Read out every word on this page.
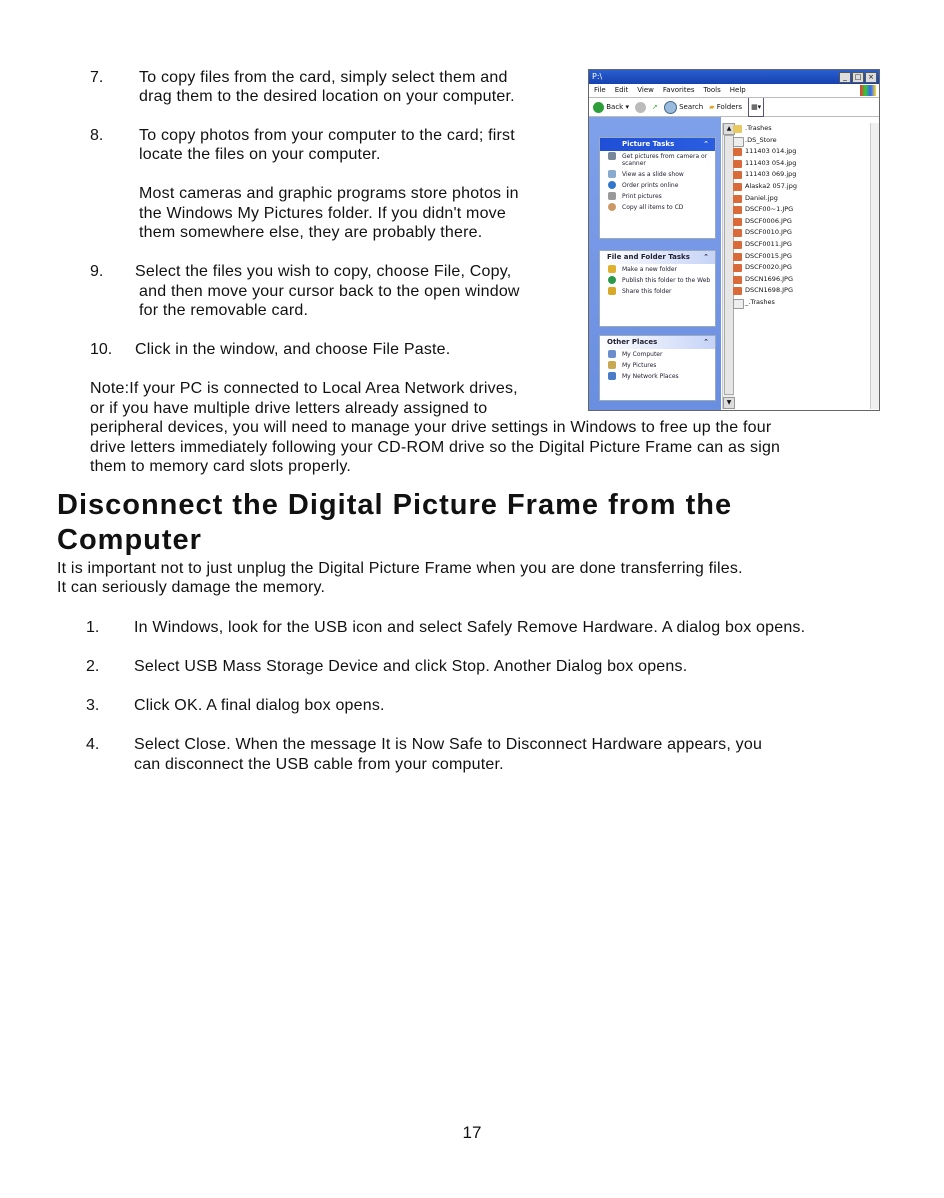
7. To copy files from the card, simply select them and
drag them to the desired location on your computer.
8. To copy photos from your computer to the card; first
locate the files on your computer.
Most cameras and graphic programs store photos in
the Windows My Pictures folder. If you didn't move
them somewhere else, they are probably there.
9. Select the files you wish to copy, choose File, Copy,
and then move your cursor back to the open window
for the removable card.
10. Click in the window, and choose File Paste.
Note:If your PC is connected to Local Area Network drives,
or if you have multiple drive letters already assigned to
peripheral devices, you will need to manage your drive settings in Windows to free up the four
drive letters immediately following your CD-ROM drive so the Digital Picture Frame can as sign
them to memory card slots properly.
Disconnect the Digital Picture Frame from the
Computer
It is important not to just unplug the Digital Picture Frame when you are done transferring files.
It can seriously damage the memory.
1. In Windows, look for the USB icon and select Safely Remove Hardware. A dialog box opens.
2. Select USB Mass Storage Device and click Stop. Another Dialog box opens.
3. Click OK. A final dialog box opens.
4. Select Close. When the message It is Now Safe to Disconnect Hardware appears, you
can disconnect the USB cable from your computer.
17
P:\	_	□ ×
File Edit View Favorites Tools Help
Back ▾	➚	Search ▰ Folders	▦▾
Picture Tasks	⌃
Get pictures from camera or scanner
View as a slide show
Order prints online
Print pictures
Copy all items to CD
File and Folder Tasks ⌃
Make a new folder
Publish this folder to the Web
Share this folder
Other Places	⌃
My Computer
My Pictures
My Network Places
▲
▼
.Trashes
.DS_Store
111403 014.jpg
111403 054.jpg
111403 069.jpg
Alaska2 057.jpg
Daniel.jpg
DSCF00~1.JPG
DSCF0006.JPG
DSCF0010.JPG
DSCF0011.JPG
DSCF0015.JPG
DSCF0020.JPG
DSCN1696.JPG
DSCN1698.JPG
_.Trashes
